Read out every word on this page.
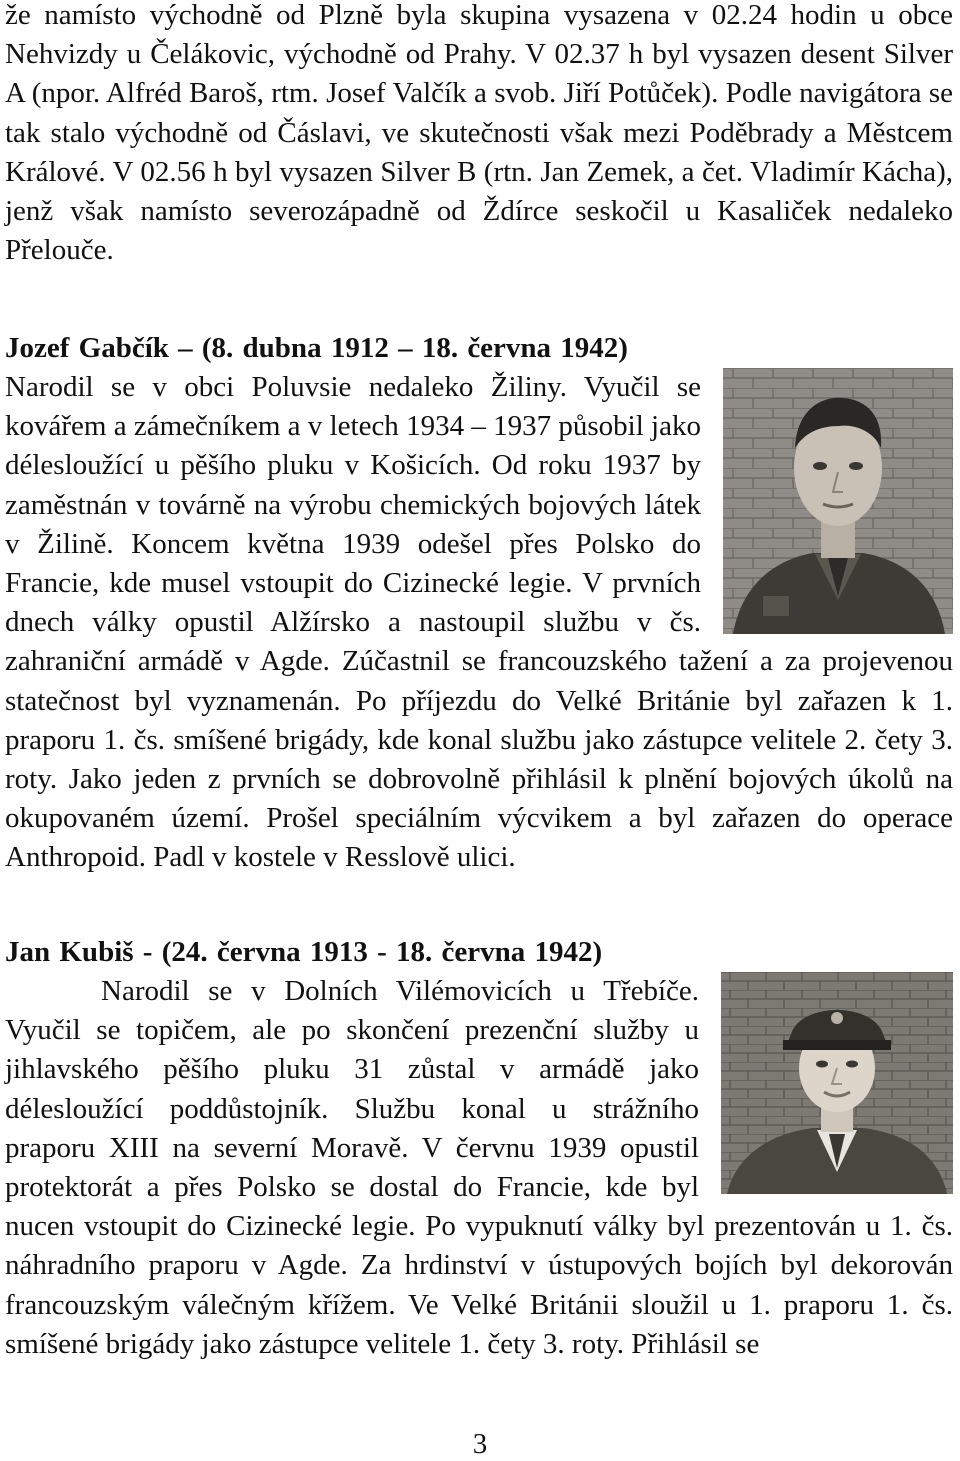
že namísto východně od Plzně byla skupina vysazena v 02.24 hodin u obce Nehvizdy u Čelákovic, východně od Prahy. V 02.37 h byl vysazen desent Silver A (npor. Alfréd Baroš, rtm. Josef Valčík a svob. Jiří Potůček). Podle navigátora se tak stalo východně od Čáslavi, ve skutečnosti však mezi Poděbrady a Městcem Králové. V 02.56 h byl vysazen Silver B (rtn. Jan Zemek, a čet. Vladimír Kácha), jenž však namísto severozápadně od Ždírce seskočil u Kasaliček nedaleko Přelouče.

Jozef Gabčík – (8. dubna 1912 – 18. června 1942)

Narodil se v obci Poluvsie nedaleko Žiliny. Vyučil se kovářem a zámečníkem a v letech 1934 – 1937 působil jako délesloužící u pěšího pluku v Košicích. Od roku 1937 by zaměstnán v továrně na výrobu chemických bojových látek v Žilině. Koncem května 1939 odešel přes Polsko do Francie, kde musel vstoupit do Cizinecké legie. V prvních dnech války opustil Alžírsko a nastoupil službu v čs. zahraniční armádě v Agde. Zúčastnil se francouzského tažení a za projevenou statečnost byl vyznamenán. Po příjezdu do Velké Británie byl zařazen k 1. praporu 1. čs. smíšené brigády, kde konal službu jako zástupce velitele 2. čety 3. roty. Jako jeden z prvních se dobrovolně přihlásil k plnění bojových úkolů na okupovaném území. Prošel speciálním výcvikem a byl zařazen do operace Anthropoid. Padl v kostele v Resslově ulici.

Jan Kubiš - (24. června 1913 - 18. června 1942)

Narodil se v Dolních Vilémovicích u Třebíče. Vyučil se topičem, ale po skončení prezenční služby u jihlavského pěšího pluku 31 zůstal v armádě jako délesloužící poddůstojník. Službu konal u strážního praporu XIII na severní Moravě. V červnu 1939 opustil protektorát a přes Polsko se dostal do Francie, kde byl nucen vstoupit do Cizinecké legie. Po vypuknutí války byl prezentován u 1. čs. náhradního praporu v Agde. Za hrdinství v ústupových bojích byl dekorován francouzským válečným křížem. Ve Velké Británii sloužil u 1. praporu 1. čs. smíšené brigády jako zástupce velitele 1. čety 3. roty. Přihlásil se

3
